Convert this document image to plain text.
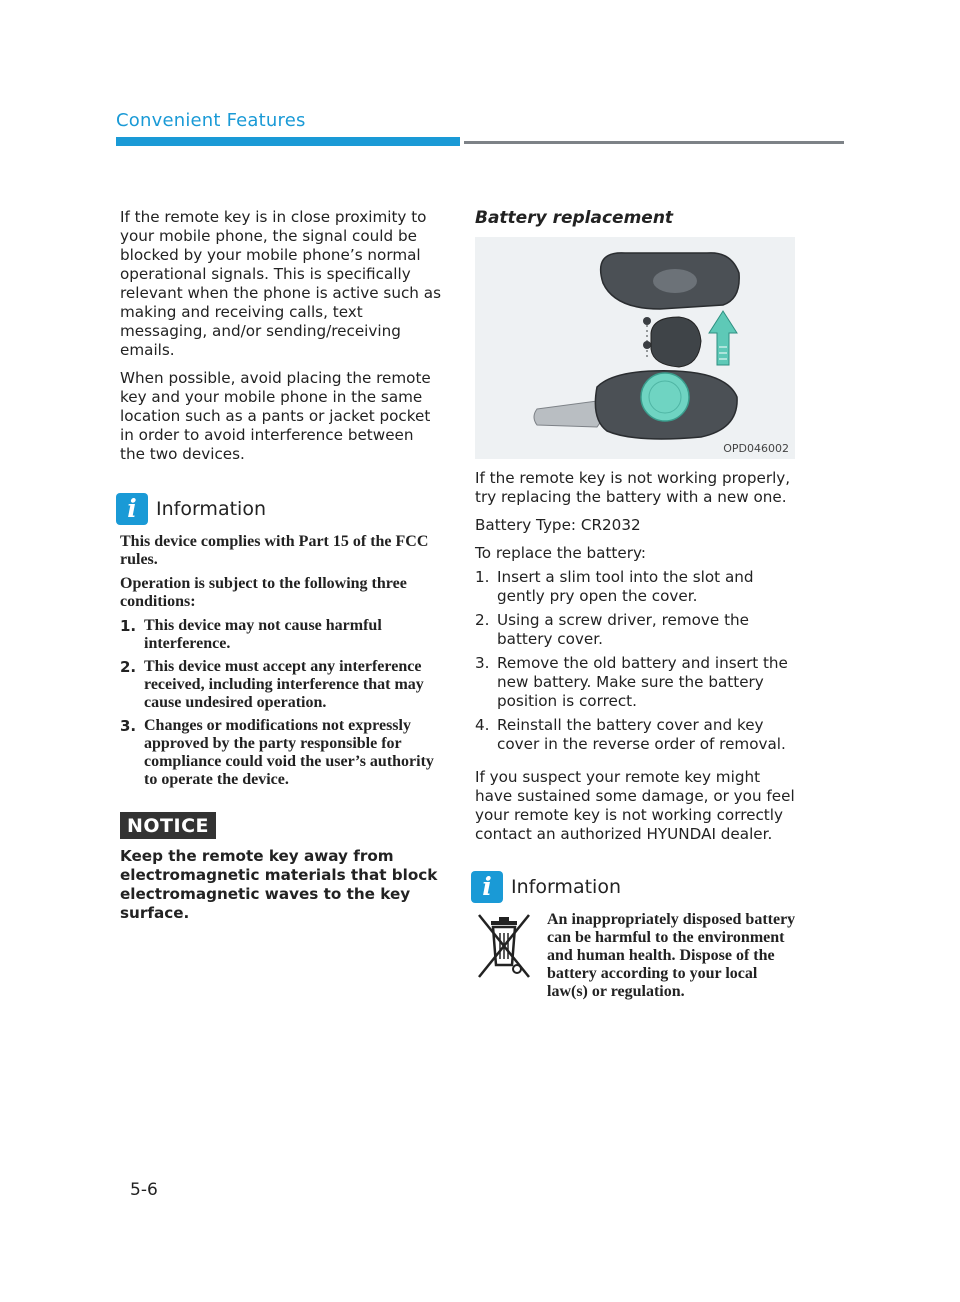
Convenient Features

If the remote key is in close proximity to your mobile phone, the signal could be blocked by your mobile phone’s normal operational signals. This is specifically relevant when the phone is active such as making and receiving calls, text messaging, and/or sending/receiving emails.

When possible, avoid placing the remote key and your mobile phone in the same location such as a pants or jacket pocket in order to avoid interference between the two devices.

i
Information

This device complies with Part 15 of the FCC rules.

Operation is subject to the following three conditions:

1. This device may not cause harmful interference.
2. This device must accept any interference received, including interference that may cause undesired operation.
3. Changes or modifications not expressly approved by the party responsible for compliance could void the user’s authority to operate the device.
NOTICE

Keep the remote key away from electromagnetic materials that block electromagnetic waves to the key surface.

Battery replacement
OPD046002

If the remote key is not working properly, try replacing the battery with a new one.

Battery Type: CR2032

To replace the battery:

1. Insert a slim tool into the slot and gently pry open the cover.
2. Using a screw driver, remove the battery cover.
3. Remove the old battery and insert the new battery. Make sure the battery position is correct.
4. Reinstall the battery cover and key cover in the reverse order of removal.

If you suspect your remote key might have sustained some damage, or you feel your remote key is not working correctly contact an authorized HYUNDAI dealer.

i
Information

An inappropriately disposed battery can be harmful to the environment and human health. Dispose of the battery according to your local law(s) or regulation.

5-6
